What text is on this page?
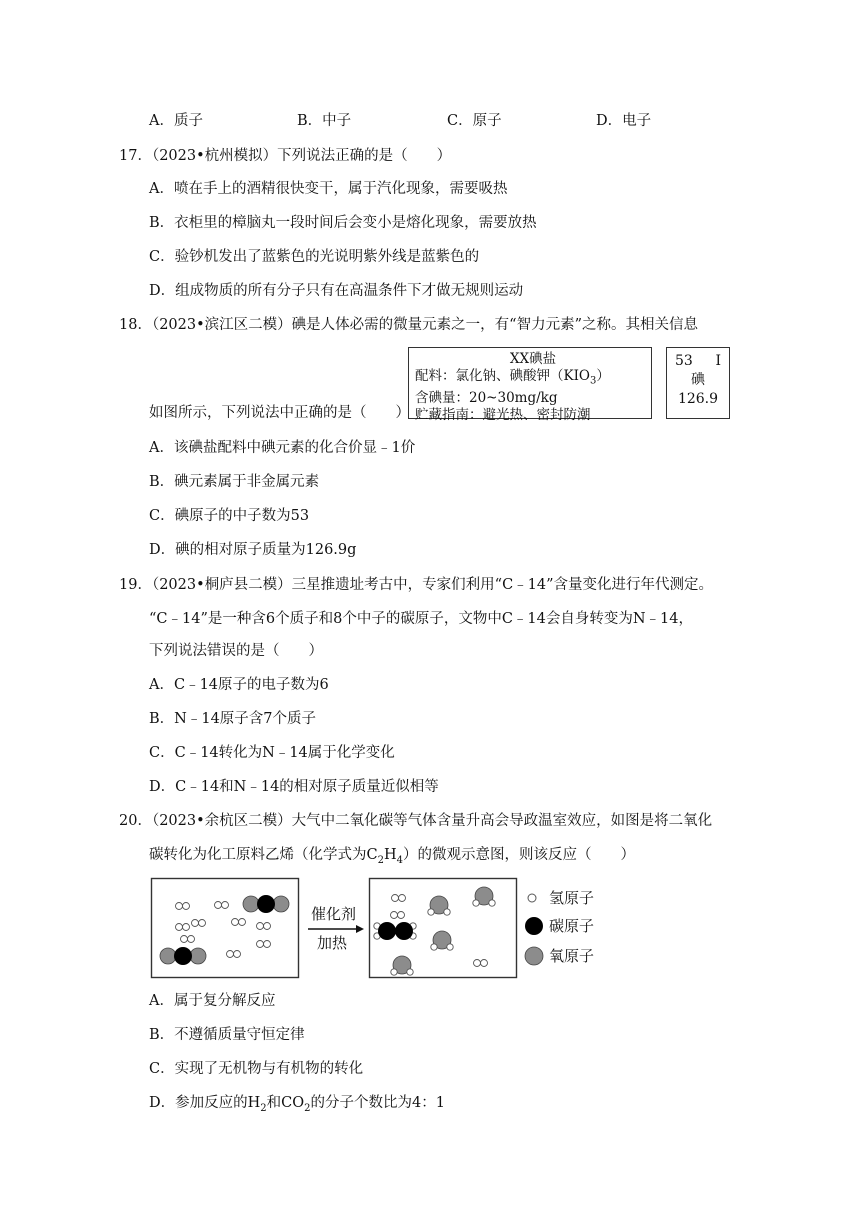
A．质子	B．中子	C．原子	D．电子
17．（2023•杭州模拟）下列说法正确的是（　　）
A．喷在手上的酒精很快变干，属于汽化现象，需要吸热
B．衣柜里的樟脑丸一段时间后会变小是熔化现象，需要放热
C．验钞机发出了蓝紫色的光说明紫外线是蓝紫色的
D．组成物质的所有分子只有在高温条件下才做无规则运动
18．（2023•滨江区二模）碘是人体必需的微量元素之一，有“智力元素”之称。其相关信息
XX碘盐
配料：氯化钠、碘酸钾$(KIO_3)$
含碘量：20~30mg/kg
贮藏指南：避光热、密封防潮
53 I
碘
126.9
如图所示，下列说法中正确的是（　　）
A．该碘盐配料中碘元素的化合价显﹣1价
B．碘元素属于非金属元素
C．碘原子的中子数为53
D．碘的相对原子质量为126.9g
19．（2023•桐庐县二模）三星推遗址考古中，专家们利用“C﹣14”含量变化进行年代测定。
“C﹣14”是一种含6个质子和8个中子的碳原子，文物中C﹣14会自身转变为N﹣14，
下列说法错误的是（　　）
A．C﹣14原子的电子数为6
B．N﹣14原子含7个质子
C．C﹣14转化为N﹣14属于化学变化
D．C﹣14和N﹣14的相对原子质量近似相等
20．（2023•余杭区二模）大气中二氧化碳等气体含量升高会导政温室效应，如图是将二氧化
碳转化为化工原料乙烯（化学式为$C_2H_4$）的微观示意图，则该反应（　　）
催化剂
加热
氢原子
碳原子
氧原子
A．属于复分解反应
B．不遵循质量守恒定律
C．实现了无机物与有机物的转化
D．参加反应的$H_2$和$CO_2$的分子个数比为4：1
